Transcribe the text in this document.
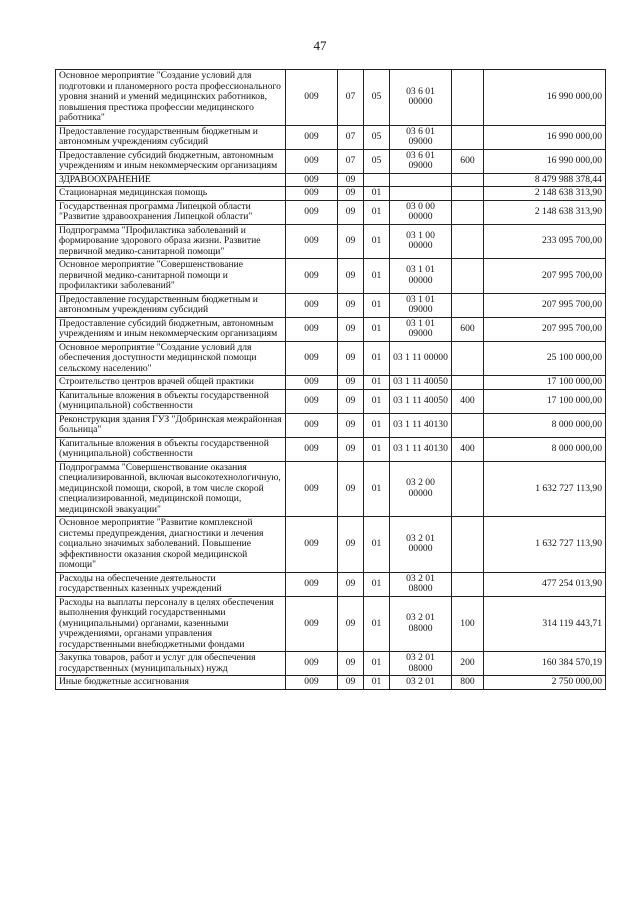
47
Основное мероприятие "Создание условий для подготовки и планомерного роста профессионального уровня знаний и умений медицинских работников, повышения престижа профессии медицинского работника"	009	07	05	03 6 01 00000		16 990 000,00
Предоставление государственным бюджетным и автономным учреждениям субсидий	009	07	05	03 6 01 09000		16 990 000,00
Предоставление субсидий бюджетным, автономным учреждениям и иным некоммерческим организациям	009	07	05	03 6 01 09000	600	16 990 000,00
ЗДРАВООХРАНЕНИЕ	009	09				8 479 988 378,44
Стационарная медицинская помощь	009	09	01			2 148 638 313,90
Государственная программа Липецкой области "Развитие здравоохранения Липецкой области"	009	09	01	03 0 00 00000		2 148 638 313,90
Подпрограмма "Профилактика заболеваний и формирование здорового образа жизни. Развитие первичной медико-санитарной помощи"	009	09	01	03 1 00 00000		233 095 700,00
Основное мероприятие "Совершенствование первичной медико-санитарной помощи и профилактики заболеваний"	009	09	01	03 1 01 00000		207 995 700,00
Предоставление государственным бюджетным и автономным учреждениям субсидий	009	09	01	03 1 01 09000		207 995 700,00
Предоставление субсидий бюджетным, автономным учреждениям и иным некоммерческим организациям	009	09	01	03 1 01 09000	600	207 995 700,00
Основное мероприятие "Создание условий для обеспечения доступности медицинской помощи сельскому населению"	009	09	01	03 1 11 00000		25 100 000,00
Строительство центров врачей общей практики	009	09	01	03 1 11 40050		17 100 000,00
Капитальные вложения в объекты государственной (муниципальной) собственности	009	09	01	03 1 11 40050	400	17 100 000,00
Реконструкция здания ГУЗ "Добринская межрайонная больница"	009	09	01	03 1 11 40130		8 000 000,00
Капитальные вложения в объекты государственной (муниципальной) собственности	009	09	01	03 1 11 40130	400	8 000 000,00
Подпрограмма "Совершенствование оказания специализированной, включая высокотехнологичную, медицинской помощи, скорой, в том числе скорой специализированной, медицинской помощи, медицинской эвакуации"	009	09	01	03 2 00 00000		1 632 727 113,90
Основное мероприятие "Развитие комплексной системы предупреждения, диагностики и лечения социально значимых заболеваний. Повышение эффективности оказания скорой медицинской помощи"	009	09	01	03 2 01 00000		1 632 727 113,90
Расходы на обеспечение деятельности государственных казенных учреждений	009	09	01	03 2 01 08000		477 254 013,90
Расходы на выплаты персоналу в целях обеспечения выполнения функций государственными (муниципальными) органами, казенными учреждениями, органами управления государственными внебюджетными фондами	009	09	01	03 2 01 08000	100	314 119 443,71
Закупка товаров, работ и услуг для обеспечения государственных (муниципальных) нужд	009	09	01	03 2 01 08000	200	160 384 570,19
Иные бюджетные ассигнования	009	09	01	03 2 01	800	2 750 000,00
